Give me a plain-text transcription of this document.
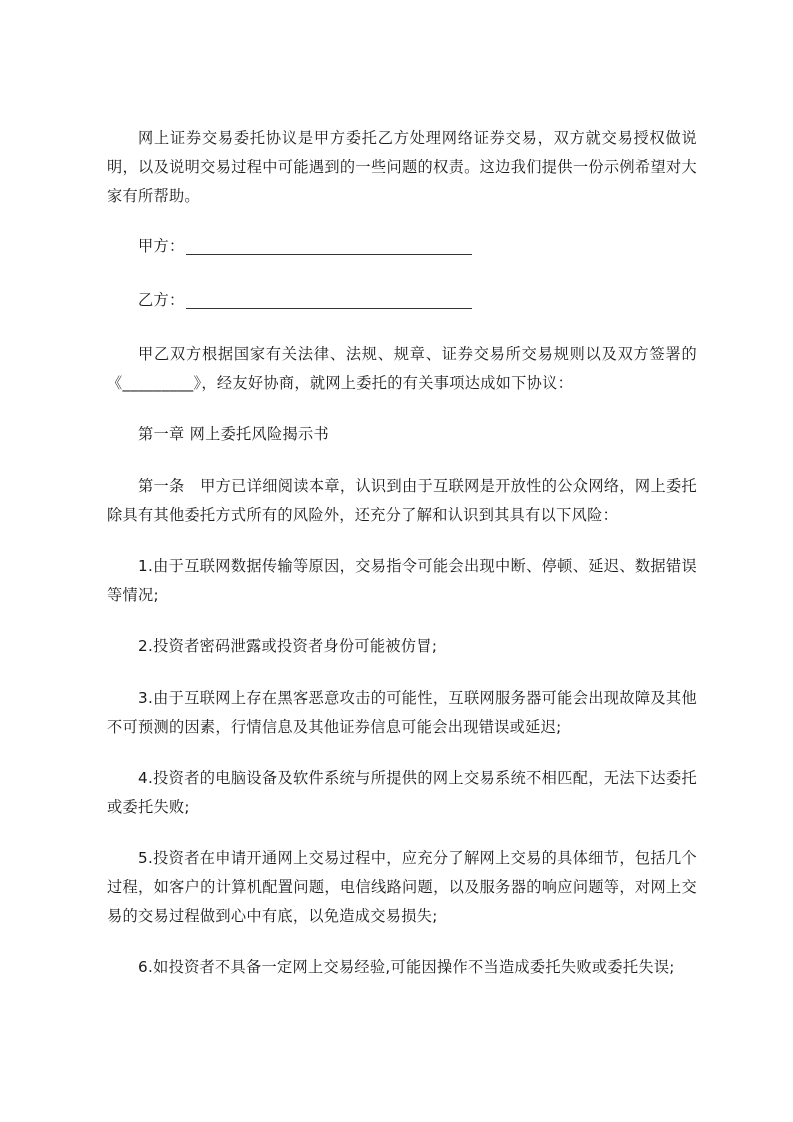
网上证券交易委托协议是甲方委托乙方处理网络证券交易，双方就交易授权做说明，以及说明交易过程中可能遇到的一些问题的权责。这边我们提供一份示例希望对大家有所帮助。

甲方：
乙方：

甲乙双方根据国家有关法律、法规、规章、证券交易所交易规则以及双方签署的《_________》，经友好协商，就网上委托的有关事项达成如下协议：

第一章 网上委托风险揭示书

第一条　甲方已详细阅读本章，认识到由于互联网是开放性的公众网络，网上委托除具有其他委托方式所有的风险外，还充分了解和认识到其具有以下风险：

1.由于互联网数据传输等原因，交易指令可能会出现中断、停顿、延迟、数据错误等情况;

2.投资者密码泄露或投资者身份可能被仿冒;

3.由于互联网上存在黑客恶意攻击的可能性，互联网服务器可能会出现故障及其他不可预测的因素，行情信息及其他证券信息可能会出现错误或延迟;

4.投资者的电脑设备及软件系统与所提供的网上交易系统不相匹配，无法下达委托或委托失败;

5.投资者在申请开通网上交易过程中，应充分了解网上交易的具体细节，包括几个过程，如客户的计算机配置问题，电信线路问题，以及服务器的响应问题等，对网上交易的交易过程做到心中有底，以免造成交易损失;

6.如投资者不具备一定网上交易经验,可能因操作不当造成委托失败或委托失误;
